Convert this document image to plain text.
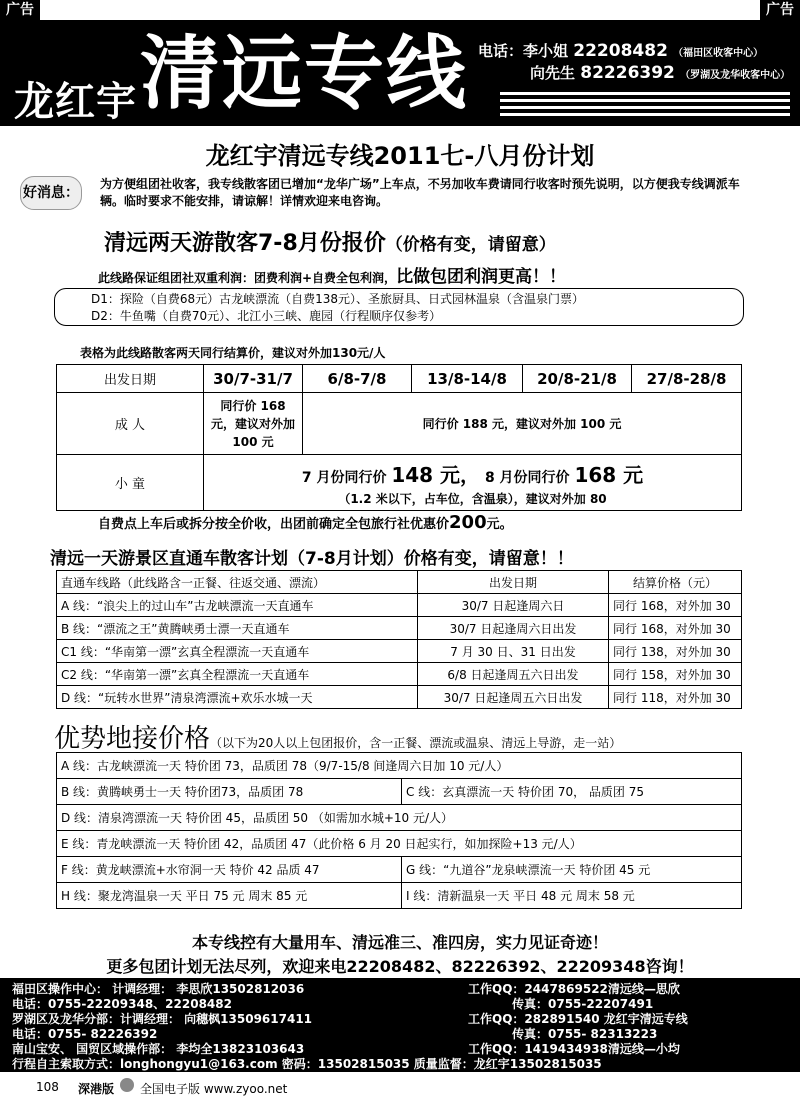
广告	广告
龙红宇 清远专线 电话：李小姐 22208482 （福田区收客中心）
向先生 82226392 （罗湖及龙华收客中心）
龙红宇清远专线2011七-八月份计划
好消息：
为方便组团社收客，我专线散客团已增加“龙华广场”上车点，不另加收车费请同行收客时预先说明，以方便我专线调派车辆。临时要求不能安排，请谅解！详情欢迎来电咨询。
清远两天游散客7-8月份报价（价格有变，请留意）
此线路保证组团社双重利润：团费利润+自费全包利润，比做包团利润更高！！
D1：探险（自费68元）古龙峡漂流（自费138元）、圣旅厨具、日式园林温泉（含温泉门票）
D2：牛鱼嘴（自费70元）、北江小三峡、鹿园（行程顺序仅参考）
表格为此线路散客两天同行结算价，建议对外加130元/人
出发日期	30/7-31/7	6/8-7/8	13/8-14/8	20/8-21/8	27/8-28/8
成 人	同行价 168 元，建议对外加 100 元	同行价 188 元，建议对外加 100 元			
小 童	7 月份同行价 148 元， 8 月份同行价 168 元
（1.2 米以下，占车位，含温泉），建议对外加 80				
自费点上车后或拆分按全价收，出团前确定全包旅行社优惠价200元。
清远一天游景区直通车散客计划（7-8月计划）价格有变，请留意！！
直通车线路（此线路含一正餐、往返交通、漂流）	出发日期	结算价格（元）
A 线：“浪尖上的过山车”古龙峡漂流一天直通车	30/7 日起逢周六日	同行 168，对外加 30
B 线：“漂流之王”黄腾峡勇士漂一天直通车	30/7 日起逢周六日出发	同行 168，对外加 30
C1 线：“华南第一漂”玄真全程漂流一天直通车	7 月 30 日、31 日出发	同行 138，对外加 30
C2 线：“华南第一漂”玄真全程漂流一天直通车	6/8 日起逢周五六日出发	同行 158，对外加 30
D 线：“玩转水世界”清泉湾漂流+欢乐水城一天	30/7 日起逢周五六日出发	同行 118，对外加 30
优势地接价格（以下为20人以上包团报价，含一正餐、漂流或温泉、清远上导游，走一站）
A 线：古龙峡漂流一天 特价团 73，品质团 78（9/7-15/8 间逢周六日加 10 元/人）	
B 线：黄腾峡勇士一天 特价团73，品质团 78	C 线：玄真漂流一天 特价团 70， 品质团 75
D 线：清泉湾漂流一天 特价团 45，品质团 50 （如需加水城+10 元/人）	
E 线：青龙峡漂流一天 特价团 42，品质团 47（此价格 6 月 20 日起实行，如加探险+13 元/人）	
F 线：黄龙峡漂流+水帘洞一天 特价 42 品质 47	G 线：“九道谷”龙泉峡漂流一天 特价团 45 元
H 线：聚龙湾温泉一天 平日 75 元 周末 85 元	I 线：清新温泉一天 平日 48 元 周末 58 元
本专线控有大量用车、清远准三、准四房，实力见证奇迹！
更多包团计划无法尽列，欢迎来电22208482、82226392、22209348咨询！
福田区操作中心： 计调经理： 李思欣13502812036	工作QQ：2447869522清远线—思欣
电话：0755-22209348、22208482	传真：0755-22207491
罗湖区及龙华分部：计调经理： 向穗枫13509617411	工作QQ：282891540 龙红宇清远专线
电话：0755- 82226392	传真：0755- 82313223
南山宝安、 国贸区域操作部： 李均全13823103643	工作QQ：1419434938清远线—小均
行程自主索取方式：longhongyu1@163.com 密码：13502815035 质量监督：龙红宇13502815035
108 深港版 全国电子版 www.zyoo.net
